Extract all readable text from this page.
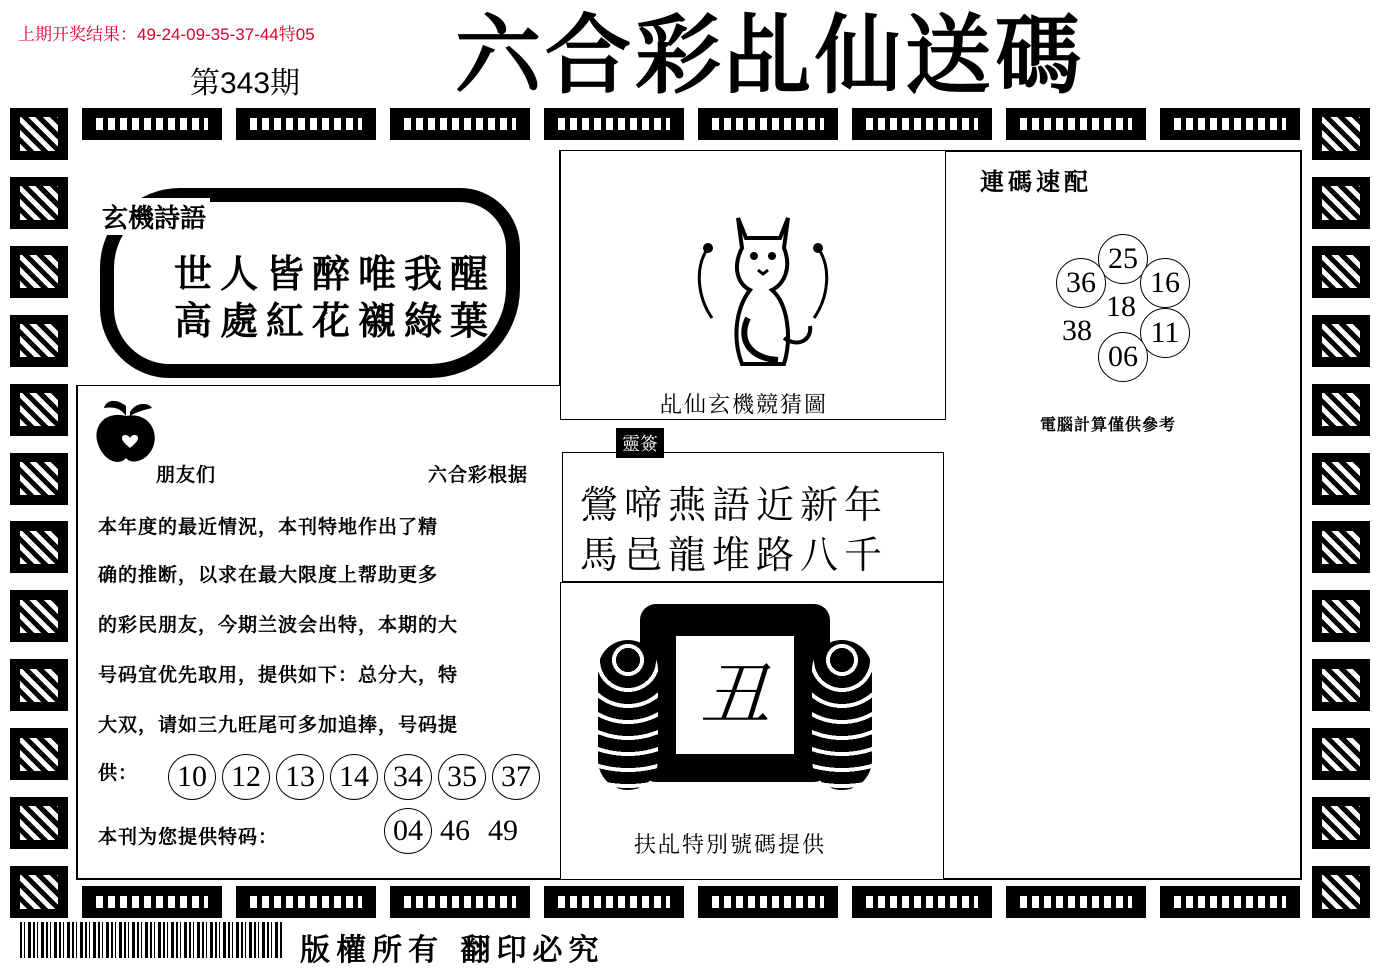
上期开奖结果：49-24-09-35-37-44特05
第343期 六合彩乩仙送碼
玄機詩語
世人皆醉唯我醒
高處紅花襯綠葉
朋友们	六合彩根据
本年度的最近情況，本刊特地作出了精
确的推断，以求在最大限度上帮助更多
的彩民朋友，今期兰波会出特，本期的大
号码宜优先取用，提供如下：总分大，特
大双，请如三九旺尾可多加追捧，号码提
供：	10 12 13 14 34 35 37
本刊为您提供特码：	04 46 49
乩仙玄機競猜圖
靈簽
鶯啼燕語近新年
馬邑龍堆路八千
丑
扶乩特別號碼提供
連碼速配
25
36	16
18
38	11
06
電腦計算僅供參考
版權所有 翻印必究
